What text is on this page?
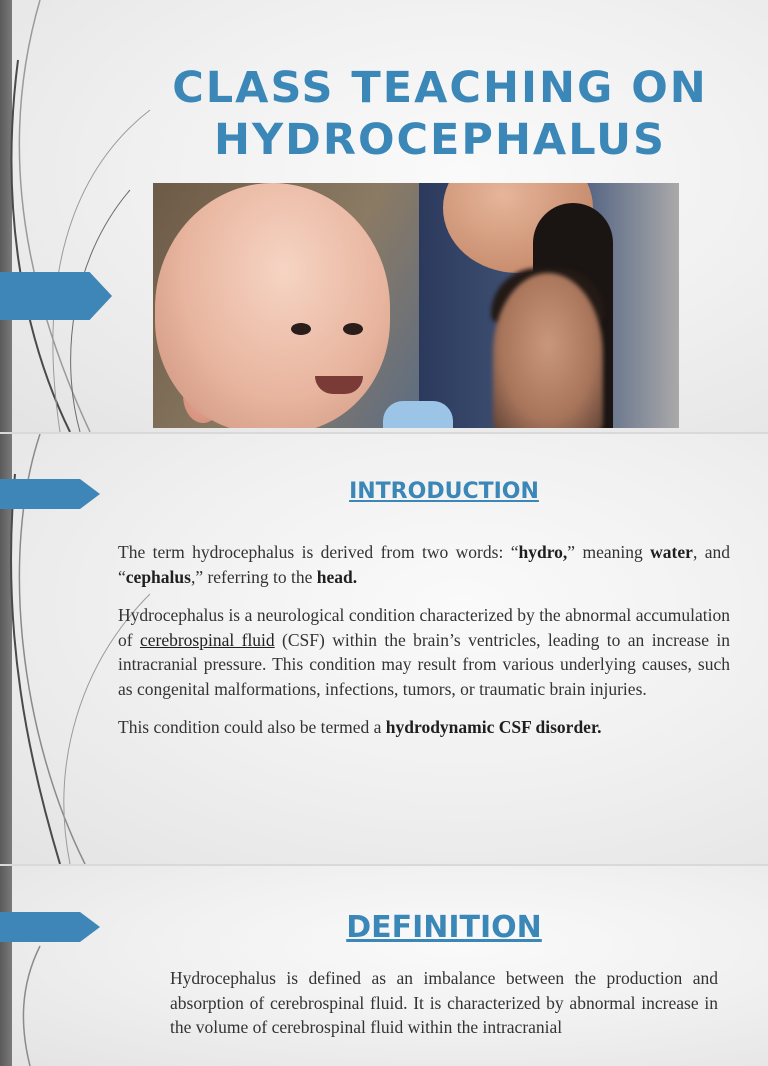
CLASS TEACHING ON
HYDROCEPHALUS
INTRODUCTION

The term hydrocephalus is derived from two words: “hydro,” meaning water, and “cephalus,” referring to the head.

Hydrocephalus is a neurological condition characterized by the abnormal accumulation of cerebrospinal fluid (CSF) within the brain’s ventricles, leading to an increase in intracranial pressure. This condition may result from various underlying causes, such as congenital malformations, infections, tumors, or traumatic brain injuries.

This condition could also be termed a hydrodynamic CSF disorder.

DEFINITION

Hydrocephalus is defined as an imbalance between the production and absorption of cerebrospinal fluid. It is characterized by abnormal increase in the volume of cerebrospinal fluid within the intracranial
